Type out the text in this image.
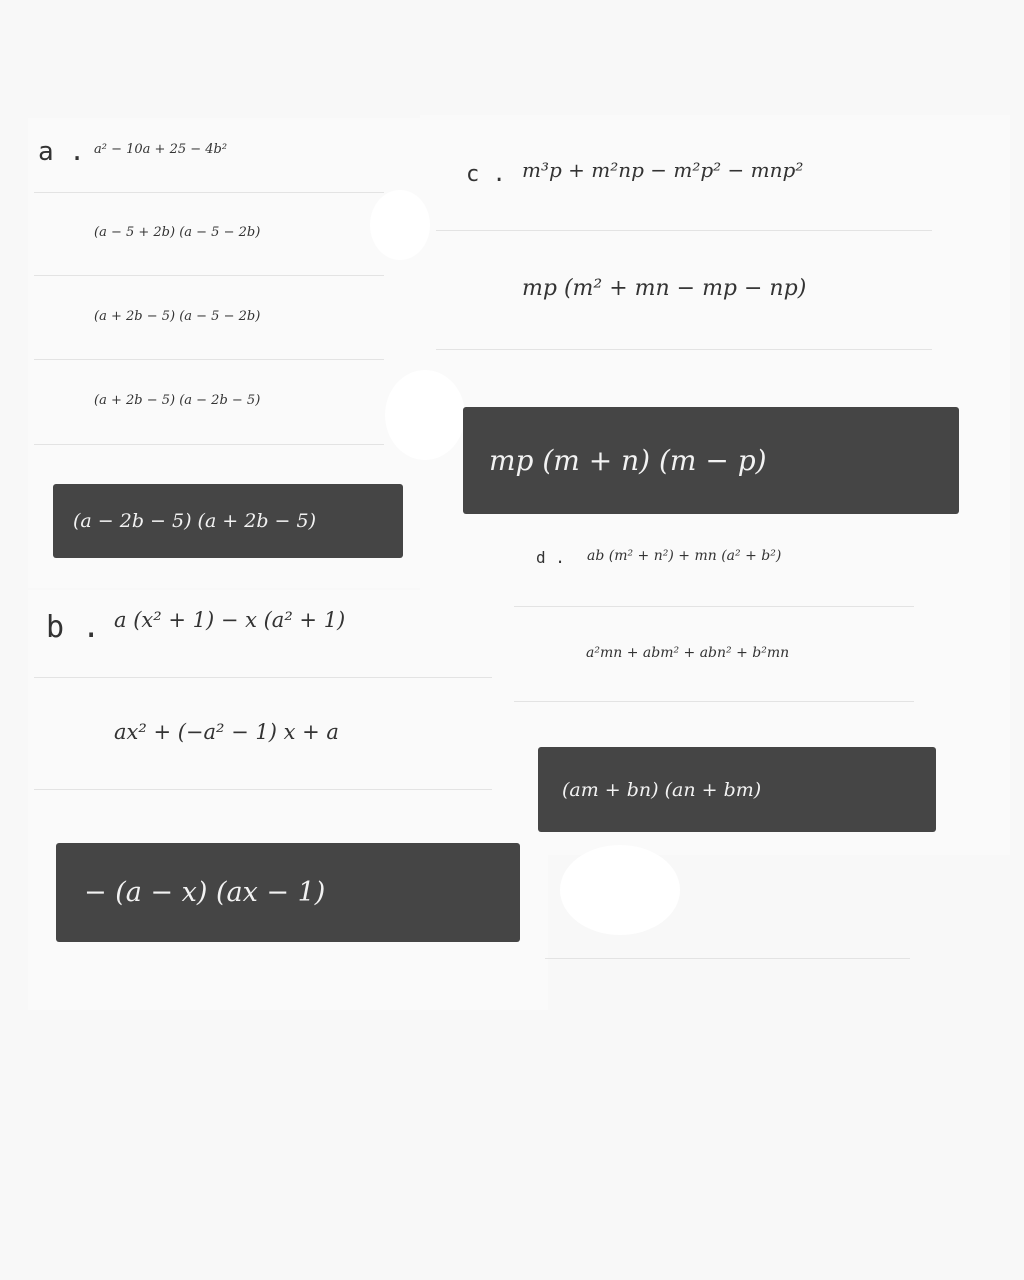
a . a² − 10a + 25 − 4b²
(a − 5 + 2b) (a − 5 − 2b)
(a + 2b − 5) (a − 5 − 2b)
(a + 2b − 5) (a − 2b − 5)
(a − 2b − 5) (a + 2b − 5)
b . a (x² + 1) − x (a² + 1)
ax² + (−a² − 1) x + a
− (a − x) (ax − 1)
c . m³p + m²np − m²p² − mnp²
mp (m² + mn − mp − np)
mp (m + n) (m − p)
d . ab (m² + n²) + mn (a² + b²)
a²mn + abm² + abn² + b²mn
(am + bn) (an + bm)
